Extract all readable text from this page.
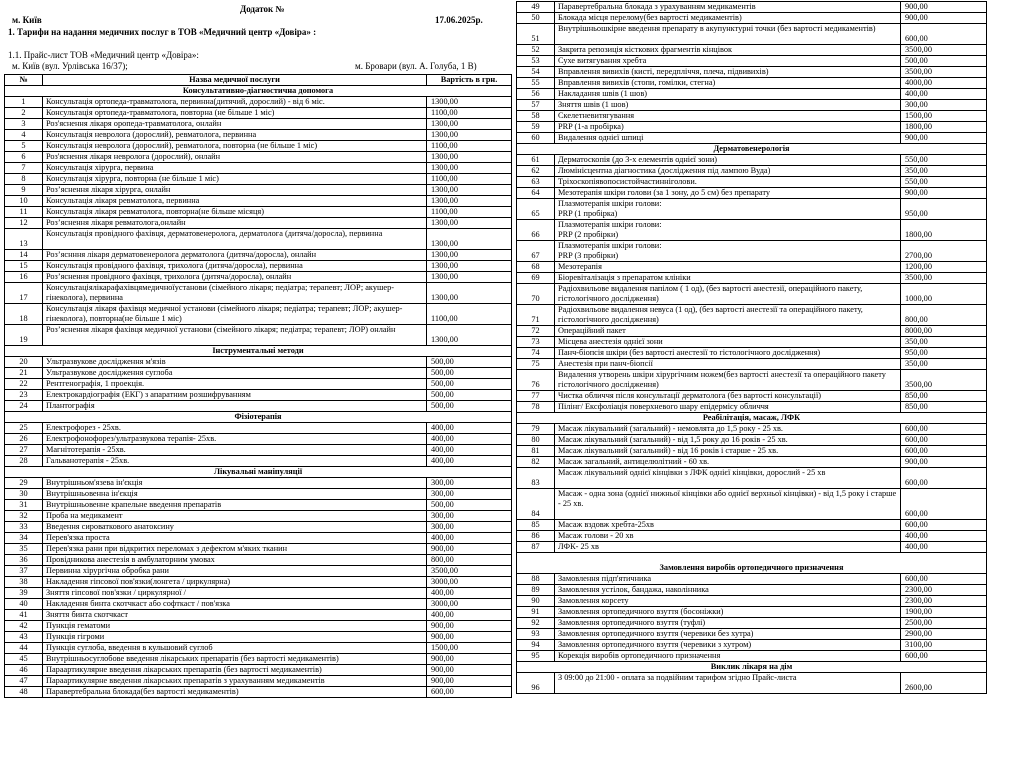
Додаток №
м. Київ	17.06.2025р.
1. Тарифи на надання медичних послуг в ТОВ «Медичний центр «Довіра» :
1.1. Прайс-лист ТОВ «Медичний центр «Довіра»:
м. Київ (вул. Урлівська 16/37);	м. Бровари (вул. А. Голуба, 1 В)
№	Назва медичної послуги	Вартість в грн.
Консультативно-діагностична допомога		
1	Консультація ортопеда-травматолога, первинна(дитячий, дорослий) - від 6 міс.	1300,00
2	Консультація ортопеда-травматолога, повторна (не більше 1 міс)	1100,00
3	Роз'яснення лікаря оропеда-травматолога, онлайн	1300,00
4	Консультація невролога (дорослий), ревматолога, первинна	1300,00
5	Консультація невролога (дорослий), ревматолога, повторна (не більше 1 міс)	1100,00
6	Роз'яснення лікаря невролога (дорослий), онлайн	1300,00
7	Консультація хірурга, первина	1300,00
8	Консультація хірурга, повторна (не більше 1 міс)	1100,00
9	Роз’яснення лікаря хірурга, онлайн	1300,00
10	Консультація лікаря ревматолога, первинна	1300,00
11	Консультація лікаря ревматолога, повторна(не більше місяця)	1100,00
12	Роз’яснення лікаря ревматолога,онлайн	1300,00
13	Консультація провідного фахівця, дерматовенеролога, дерматолога (дитяча/доросла), первинна	1300,00
14	Роз’яснння лікаря дерматовенеролога дерматолога (дитяча/доросла), онлайн	1300,00
15	Консультація провідного фахівця, трихолога (дитяча/доросла), первинна	1300,00
16	Роз’яснення провідного фахівця, трихолога (дитяча/доросла), онлайн	1300,00
17	Консультаціялікарафахівцямедичноїустанови (сімейного лікаря; педіатра; терапевт; ЛОР; акушер-гінеколога), первинна	1300,00
18	Консультація лікаря фахівця медичної установи (сімейного лікаря; педіатра; терапевт; ЛОР; акушер-гінеколога), повторна(не більше 1 міс)	1100,00
19	Роз’яснення лікаря фахівця медичної установи (сімейного лікаря; педіатра; терапевт; ЛОР) онлайн	1300,00
Інструментальні методи		
20	Ультразвукове дослідження м'язів	500,00
21	Ультразвукове дослідження суглоба	500,00
22	Рентгенографія, 1 проекція.	500,00
23	Електрокардіографія (ЕКГ) з апаратним розшифруванням	500,00
24	Плантографія	500,00
Фізіотерапія		
25	Електрофорез - 25хв.	400,00
26	Електрофонофорез/ультразвукова терапія- 25хв.	400,00
27	Магнітотерапія - 25хв.	400,00
28	Гальванотерапія - 25хв.	400,00
Лікувальні маніпуляції		
29	Внутрішньом'язева ін'єкція	300,00
30	Внутрішньовенна ін'єкція	300,00
31	Внутрішньовенне крапельне введення препаратів	500,00
32	Проба на медикамент	300,00
33	Введення сироваткового анатоксину	300,00
34	Перев'язка проста	400,00
35	Перев'язка рани при відкритих переломах з дефектом м'яких тканин	900,00
36	Провідникова анестезія в амбулаторним умовах	800,00
37	Первинна хірургічна обробка рани	3500,00
38	Накладення гіпсової пов'язки(лонгета / циркулярна)	3000,00
39	Зняття гіпсової пов'язки / циркулярної /	400,00
40	Накладення бинта скотчкаст або софткаст / пов'язка	3000,00
41	Зняття бинта скотчкаст	400,00
42	Пункція гематоми	900,00
43	Пункція гігроми	900,00
44	Пункція суглоба, введення в кульшовий суглоб	1500,00
45	Внутрішньосуглобове введення лікарських препаратів (без вартості медикаментів)	900,00
46	Параартикулярне введення лікарських препаратів (без вартості медикаментів)	900,00
47	Параартикулярне введення лікарських препаратів з урахуванням медикаментів	900,00
48	Паравертебральна блокада(без вартості медикаментів)	600,00
49	Паравертебральна блокада з урахуванням медикаментів	900,00
50	Блокада місця перелому(без вартості медикаментів)	900,00
51	Внутрішньошкірне введення препарату в акупунктурні точки (без вартості медикаментів)	600,00
52	Закрита репозиція кісткових фрагментів кінцівок	3500,00
53	Сухе витягування хребта	500,00
54	Вправлення вивихів (кисті, передпліччя, плеча, підвивихів)	3500,00
55	Вправлення вивихів (стопи, гомілки, стегна)	4000,00
56	Накладання швів (1 шов)	400,00
57	Зняття швів (1 шов)	300,00
58	Скелетневитягування	1500,00
59	PRP (1-а пробірка)	1800,00
60	Видалення однієї шпиці	900,00
Дерматовенерологія		
61	Дерматоскопія (до 3-х елементів однієї зони)	550,00
62	Люмінісцентна діагностика (дослідження під лампою Вуда)	350,00
63	Тріхоскопіявопосистойчастинніголови.	550,00
64	Мезотерапія шкіри голови (за 1 зону, до 5 см) без препарату	900,00
65	Плазмотерапія шкіри голови:
PRP (1 пробірка)	950,00
66	Плазмотерапія шкіри голови:
PRP (2 пробірки)	1800,00
67	Плазмотерапія шкіри голови:
PRP (3 пробірки)	2700,00
68	Мезотерапія	1200,00
69	Біоревіталізація з препаратом клініки	3500,00
70	Радіохвильове видалення папілом ( 1 од), (без вартості анестезії, операційного пакету, гістологічного дослідження)	1000,00
71	Радіохвильове видалення невуса (1 од), (без вартості анестезії та операційного пакету, гістологічного дослідження)	800,00
72	Операційний пакет	8000,00
73	Місцева анестезія однієї зони	350,00
74	Панч-біопсія шкіри (без вартості анестезії то гістологічного дослідження)	950,00
75	Анестезія при панч-біопсії	350,00
76	Видалення утворень шкіри хірургічним ножем(без вартості анестезії та операційного пакету гістологічного дослідження)	3500,00
77	Чистка обличчя після консультації дерматолога (без вартості консультації)	850,00
78	Пілінг/ Ексфоліація поверхневого шару епідермісу обличчя	850,00
Реабілітація, масаж, ЛФК		
79	Масаж лікувальний (загальний) - немовлята до 1,5 року - 25 хв.	600,00
80	Масаж лікувальний (загальний) - від 1,5 року до 16 років - 25 хв.	600,00
81	Масаж лікувальний (загальний) - від 16 років і старше - 25 хв.	600,00
82	Масаж загальний, антицелюлітний - 60 хв.	900,00
83	Масаж лікувальний однієї кінцівки з ЛФК однієї кінцівки, дорослий - 25 хв	600,00
84	Масаж - одна зона (однієї нижньої кінцівки або однієї верхньої кінцівки) - від 1,5 року і старше - 25 хв.	600,00
85	Масаж вздовж хребта-25хв	600,00
86	Масаж голови - 20 хв	400,00
87	ЛФК- 25 хв	400,00
Замовлення виробів ортопедичного призначення		
88	Замовлення підп'ятичника	600,00
89	Замовлення устілок, бандажа, наколінника	2300,00
90	Замовлення корсету	2300,00
91	Замовлення ортопедичного взуття (босоніжки)	1900,00
92	Замовлення ортопедичного взуття (туфлі)	2500,00
93	Замовлення ортопедичного взуття (черевики без хутра)	2900,00
94	Замовлення ортопедичного взуття (черевики з хутром)	3100,00
95	Корекція виробів ортопедичного призначення	600,00
Виклик лікаря на дім		
96	З 09:00 до 21:00 - оплата за подвійним тарифом згідно Прайс-листа	2600,00
